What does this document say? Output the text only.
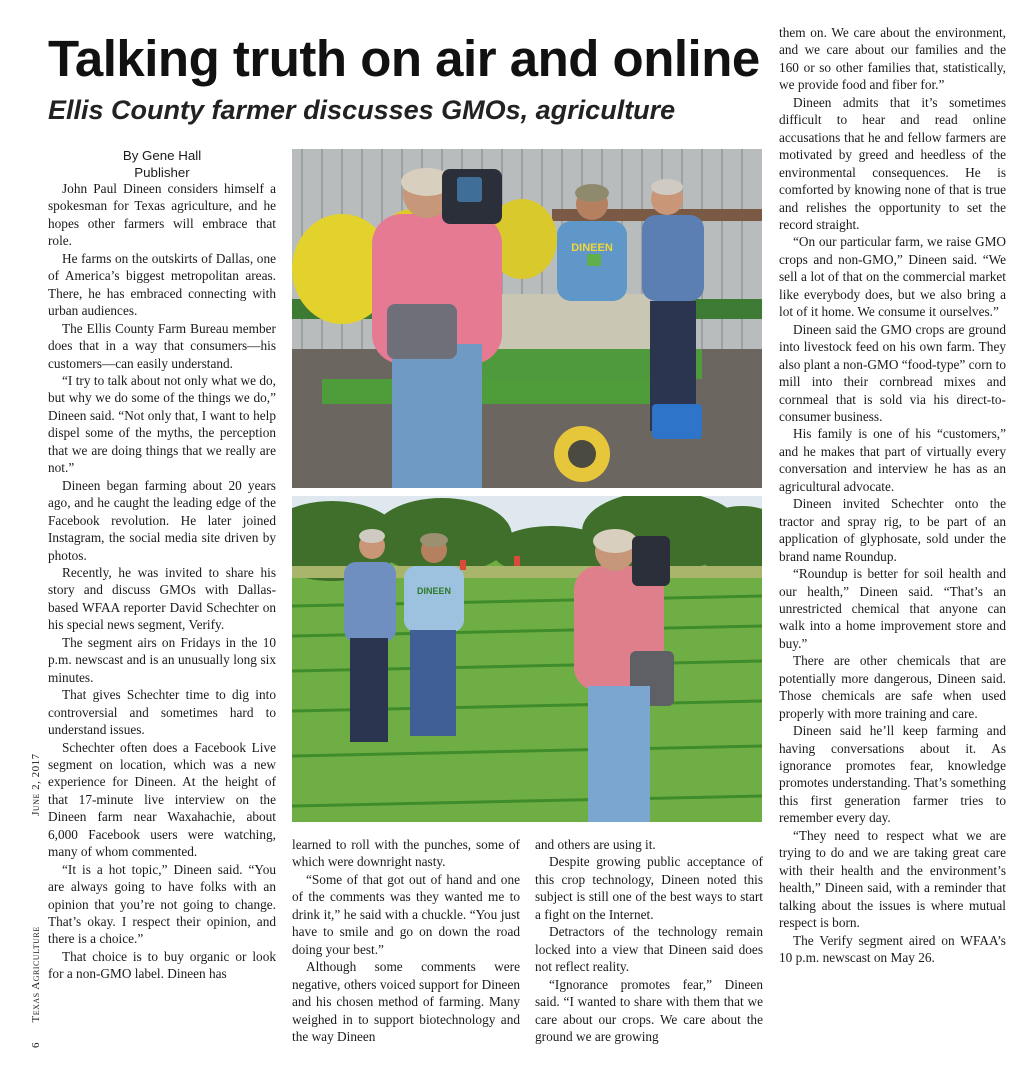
Talking truth on air and online
Ellis County farmer discusses GMOs, agriculture
By Gene Hall
Publisher
6      Texas Agriculture                                  June 2, 2017

John Paul Dineen considers himself a spokesman for Texas agriculture, and he hopes other farmers will embrace that role.

He farms on the outskirts of Dallas, one of America’s biggest metropolitan areas. There, he has embraced connecting with urban audiences.

The Ellis County Farm Bureau member does that in a way that consumers—his customers—can easily understand.

“I try to talk about not only what we do, but why we do some of the things we do,” Dineen said. “Not only that, I want to help dispel some of the myths, the perception that we are doing things that we really are not.”

Dineen began farming about 20 years ago, and he caught the leading edge of the Facebook revolution. He later joined Instagram, the social media site driven by photos.

Recently, he was invited to share his story and discuss GMOs with Dallas-based WFAA reporter David Schechter on his special news segment, Verify.

The segment airs on Fridays in the 10 p.m. newscast and is an unusually long six minutes.

That gives Schechter time to dig into controversial and sometimes hard to understand issues.

Schechter often does a Facebook Live segment on location, which was a new experience for Dineen. At the height of that 17-minute live interview on the Dineen farm near Waxahachie, about 6,000 Facebook users were watching, many of whom commented.

“It is a hot topic,” Dineen said. “You are always going to have folks with an opinion that you’re not going to change. That’s okay. I respect their opinion, and there is a choice.”

That choice is to buy organic or look for a non-GMO label. Dineen has

learned to roll with the punches, some of which were downright nasty.

“Some of that got out of hand and one of the comments was they wanted me to drink it,” he said with a chuckle. “You just have to smile and go on down the road doing your best.”

Although some comments were negative, others voiced support for Dineen and his chosen method of farming. Many weighed in to support biotechnology and the way Dineen

and others are using it.

Despite growing public acceptance of this crop technology, Dineen noted this subject is still one of the best ways to start a fight on the Internet.

Detractors of the technology remain locked into a view that Dineen said does not reflect reality.

“Ignorance promotes fear,” Dineen said. “I wanted to share with them that we care about our crops. We care about the ground we are growing

them on. We care about the environment, and we care about our families and the 160 or so other families that, statistically, we provide food and fiber for.”

Dineen admits that it’s sometimes difficult to hear and read online accusations that he and fellow farmers are motivated by greed and heedless of the environmental consequences. He is comforted by knowing none of that is true and relishes the opportunity to set the record straight.

“On our particular farm, we raise GMO crops and non-GMO,” Dineen said. “We sell a lot of that on the commercial market like everybody does, but we also bring a lot of it home. We consume it ourselves.”

Dineen said the GMO crops are ground into livestock feed on his own farm. They also plant a non-GMO “food-type” corn to mill into their cornbread mixes and cornmeal that is sold via his direct-to-consumer business.

His family is one of his “customers,” and he makes that part of virtually every conversation and interview he has as an agricultural advocate.

Dineen invited Schechter onto the tractor and spray rig, to be part of an application of glyphosate, sold under the brand name Roundup.

“Roundup is better for soil health and our health,” Dineen said. “That’s an unrestricted chemical that anyone can walk into a home improvement store and buy.”

There are other chemicals that are potentially more dangerous, Dineen said. Those chemicals are safe when used properly with more training and care.

Dineen said he’ll keep farming and having conversations about it. As ignorance promotes fear, knowledge promotes understanding. That’s something this first generation farmer tries to remember every day.

“They need to respect what we are trying to do and we are taking great care with their health and the environment’s health,” Dineen said, with a reminder that talking about the issues is where mutual respect is born.

The Verify segment aired on WFAA’s 10 p.m. newscast on May 26.

DINEEN
DINEEN
